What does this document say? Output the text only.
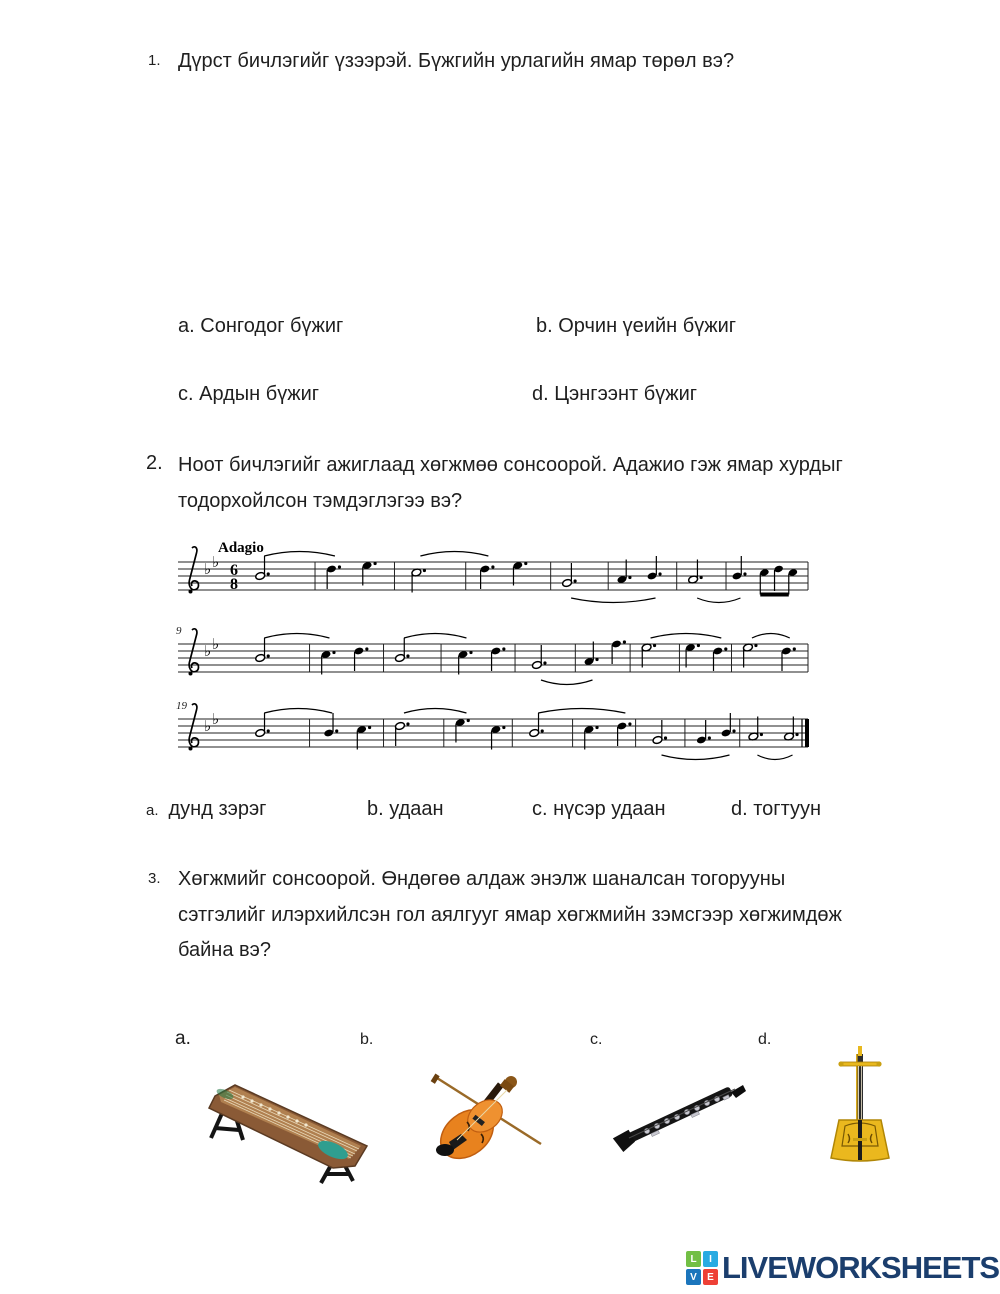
1. Дүрст бичлэгийг үзээрэй. Бүжгийн урлагийн ямар төрөл вэ?
a. Сонгодог бүжиг	b. Орчин үеийн бүжиг
c. Ардын бүжиг	d. Цэнгээнт бүжиг
2. Ноот бичлэгийг ажиглаад хөгжмөө сонсоорой. Адажио гэж ямар хурдыг тодорхойлсон тэмдэглэгээ вэ?
Adagio
♭ ♭ 6
8
9
♭ ♭
19
♭ ♭
a. дунд зэрэг	b. удаан	c. нүсэр удаан	d. тогтуун
3. Хөгжмийг сонсоорой. Өндөгөө алдаж энэлж шаналсан тогорууны сэтгэлийг илэрхийлсэн гол аялгууг ямар хөгжмийн зэмсгээр хөгжимдөж байна вэ?
a.	b.	c.	d.
L	I
V	E LIVEWORKSHEETS
